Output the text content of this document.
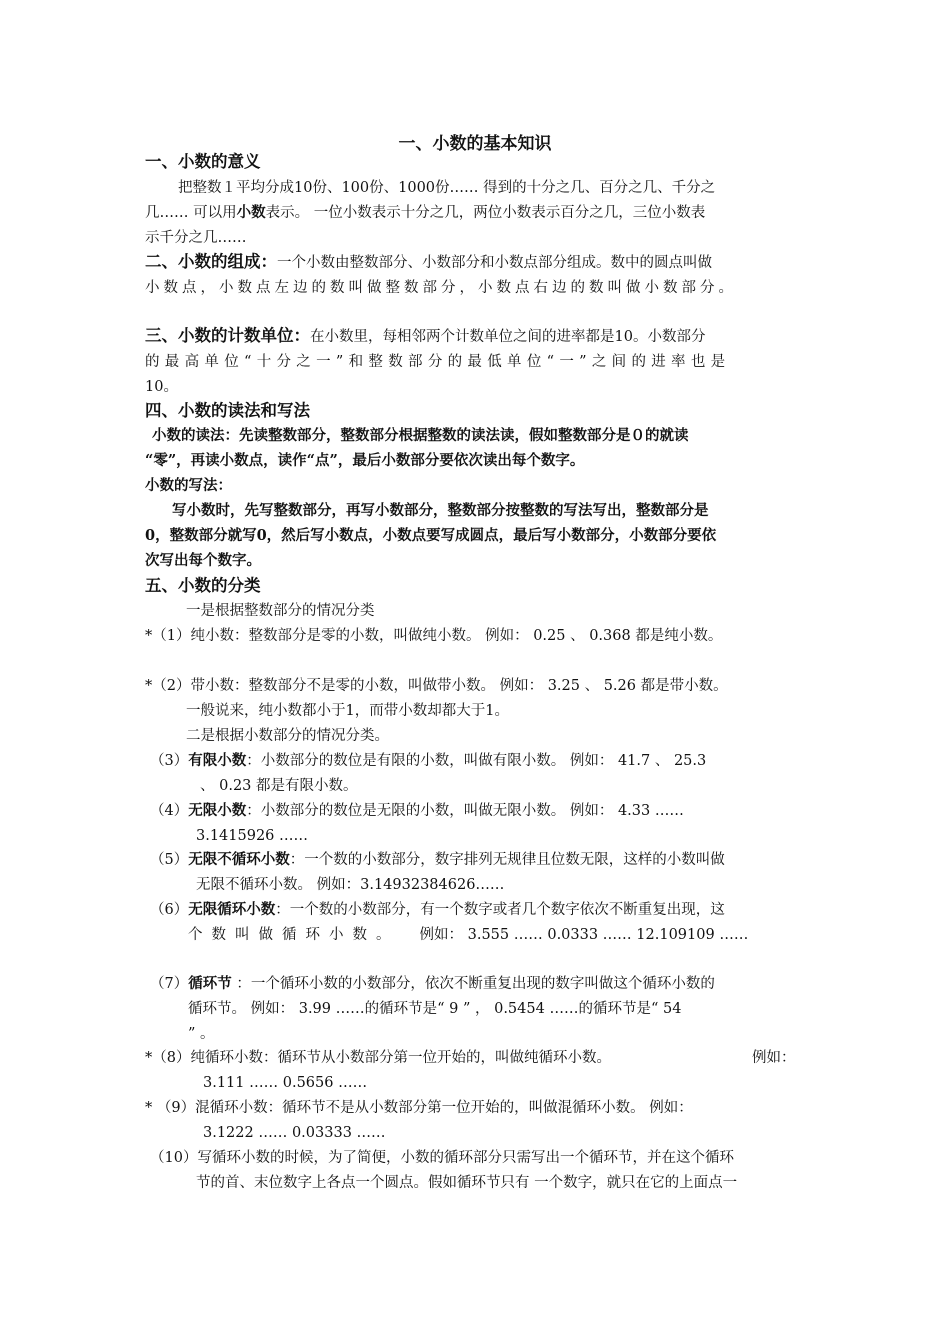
一、小数的基本知识
一、小数的意义
把整数１平均分成10份、100份、1000份…… 得到的十分之几、百分之几、千分之
几…… 可以用小数表示。 一位小数表示十分之几，两位小数表示百分之几，三位小数表
示千分之几……
二、小数的组成：一个小数由整数部分、小数部分和小数点部分组成。数中的圆点叫做
小数点，小数点左边的数叫做整数部分，小数点右边的数叫做小数部分。
三、小数的计数单位：在小数里，每相邻两个计数单位之间的进率都是10。小数部分
的最高单位“十分之一”和整数部分的最低单位“一”之间的进率也是
10。
四、小数的读法和写法
小数的读法：先读整数部分，整数部分根据整数的读法读，假如整数部分是０的就读
“零”，再读小数点，读作“点”，最后小数部分要依次读出每个数字。
小数的写法：
写小数时，先写整数部分，再写小数部分，整数部分按整数的写法写出，整数部分是
0，整数部分就写0，然后写小数点，小数点要写成圆点，最后写小数部分，小数部分要依
次写出每个数字。
五、小数的分类
一是根据整数部分的情况分类
*（1）纯小数：整数部分是零的小数，叫做纯小数。 例如： 0.25 、 0.368 都是纯小数。
*（2）带小数：整数部分不是零的小数，叫做带小数。 例如： 3.25 、 5.26 都是带小数。
一般说来，纯小数都小于1，而带小数却都大于1。
二是根据小数部分的情况分类。
（3）有限小数：小数部分的数位是有限的小数，叫做有限小数。 例如： 41.7 、 25.3
、 0.23 都是有限小数。
（4）无限小数：小数部分的数位是无限的小数，叫做无限小数。 例如： 4.33 ……
3.1415926 ……
（5）无限不循环小数：一个数的小数部分，数字排列无规律且位数无限，这样的小数叫做
无限不循环小数。 例如：3.14932384626……
（6）无限循环小数：一个数的小数部分，有一个数字或者几个数字依次不断重复出现，这
个数叫做循环小数。 例如： 3.555 …… 0.0333 …… 12.109109 ……
（7）循环节 ：一个循环小数的小数部分，依次不断重复出现的数字叫做这个循环小数的
循环节。 例如： 3.99 ……的循环节是“ 9 ” ， 0.5454 ……的循环节是“ 54
” 。
*（8）纯循环小数：循环节从小数部分第一位开始的，叫做纯循环小数。	例如：
3.111 …… 0.5656 ……
* （9）混循环小数：循环节不是从小数部分第一位开始的，叫做混循环小数。 例如：
3.1222 …… 0.03333 ……
（10）写循环小数的时候，为了简便，小数的循环部分只需写出一个循环节，并在这个循环
节的首、末位数字上各点一个圆点。假如循环节只有 一个数字，就只在它的上面点一
